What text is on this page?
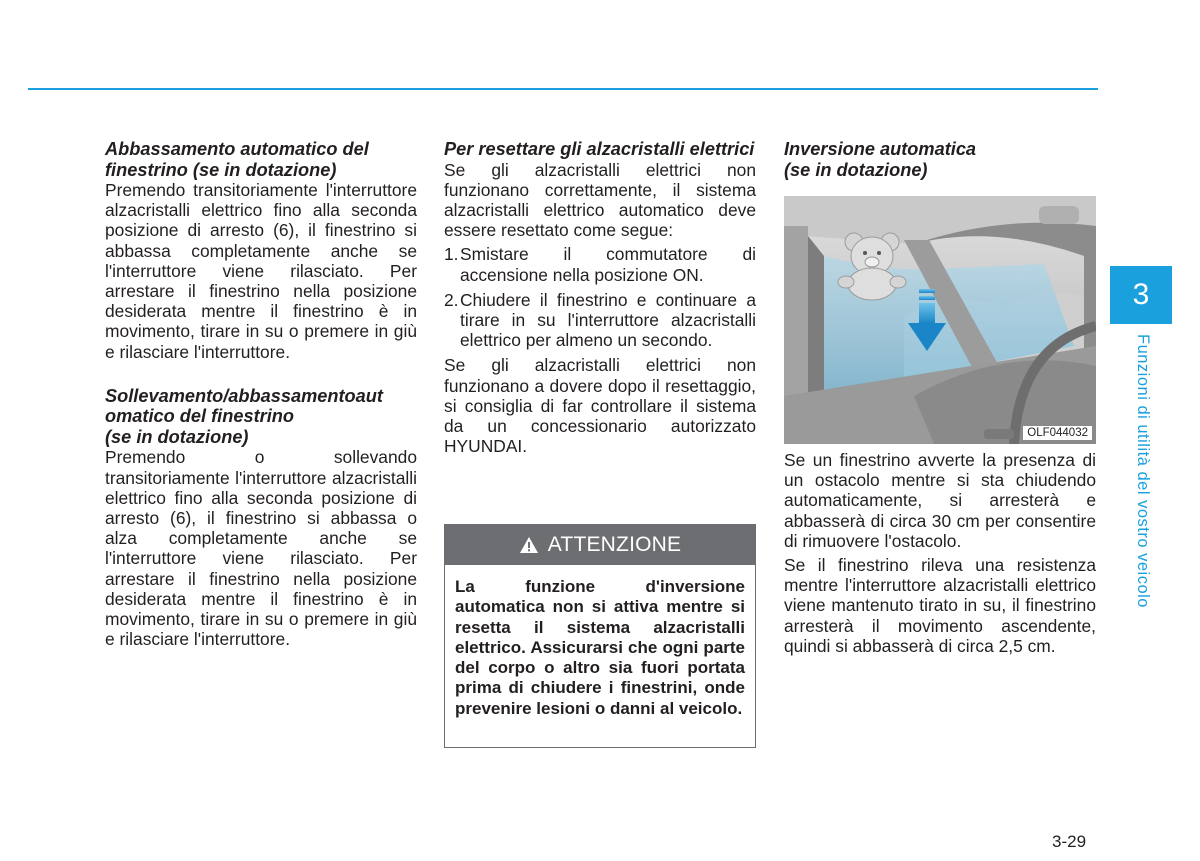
Abbassamento automatico del finestrino (se in dotazione)

Premendo transitoriamente l'interruttore alzacristalli elettrico fino alla seconda posizione di arresto (6), il finestrino si abbassa completamente anche se l'interruttore viene rilasciato. Per arrestare il finestrino nella posizione desiderata mentre il finestrino è in movimento, tirare in su o premere in giù e rilasciare l'interruttore.

Sollevamento/abbassamentoaut
omatico del finestrino
(se in dotazione)

Premendo o sollevando transitoriamente l'interruttore alzacristalli elettrico fino alla seconda posizione di arresto (6), il finestrino si abbassa o alza completamente anche se l'interruttore viene rilasciato. Per arrestare il finestrino nella posizione desiderata mentre il finestrino è in movimento, tirare in su o premere in giù e rilasciare l'interruttore.

Per resettare gli alzacristalli elettrici

Se gli alzacristalli elettrici non funzionano correttamente, il sistema alzacristalli elettrico automatico deve essere resettato come segue:

1. Smistare il commutatore di accensione nella posizione ON.
2. Chiudere il finestrino e continuare a tirare in su l'interruttore alzacristalli elettrico per almeno un secondo.

Se gli alzacristalli elettrici non funzionano a dovere dopo il resettaggio, si consiglia di far controllare il sistema da un concessionario autorizzato HYUNDAI.

ATTENZIONE
La funzione d'inversione automatica non si attiva mentre si resetta il sistema alzacristalli elettrico. Assicurarsi che ogni parte del corpo o altro sia fuori portata prima di chiudere i finestrini, onde prevenire lesioni o danni al veicolo.
Inversione automatica
(se in dotazione)
OLF044032

Se un finestrino avverte la presenza di un ostacolo mentre si sta chiudendo automaticamente, si arresterà e abbasserà di circa 30 cm per consentire di rimuovere l'ostacolo.

Se il finestrino rileva una resistenza mentre l'interruttore alzacristalli elettrico viene mantenuto tirato in su, il finestrino arresterà il movimento ascendente, quindi si abbasserà di circa 2,5 cm.

3
Funzioni di utilità del vostro veicolo
3-29
